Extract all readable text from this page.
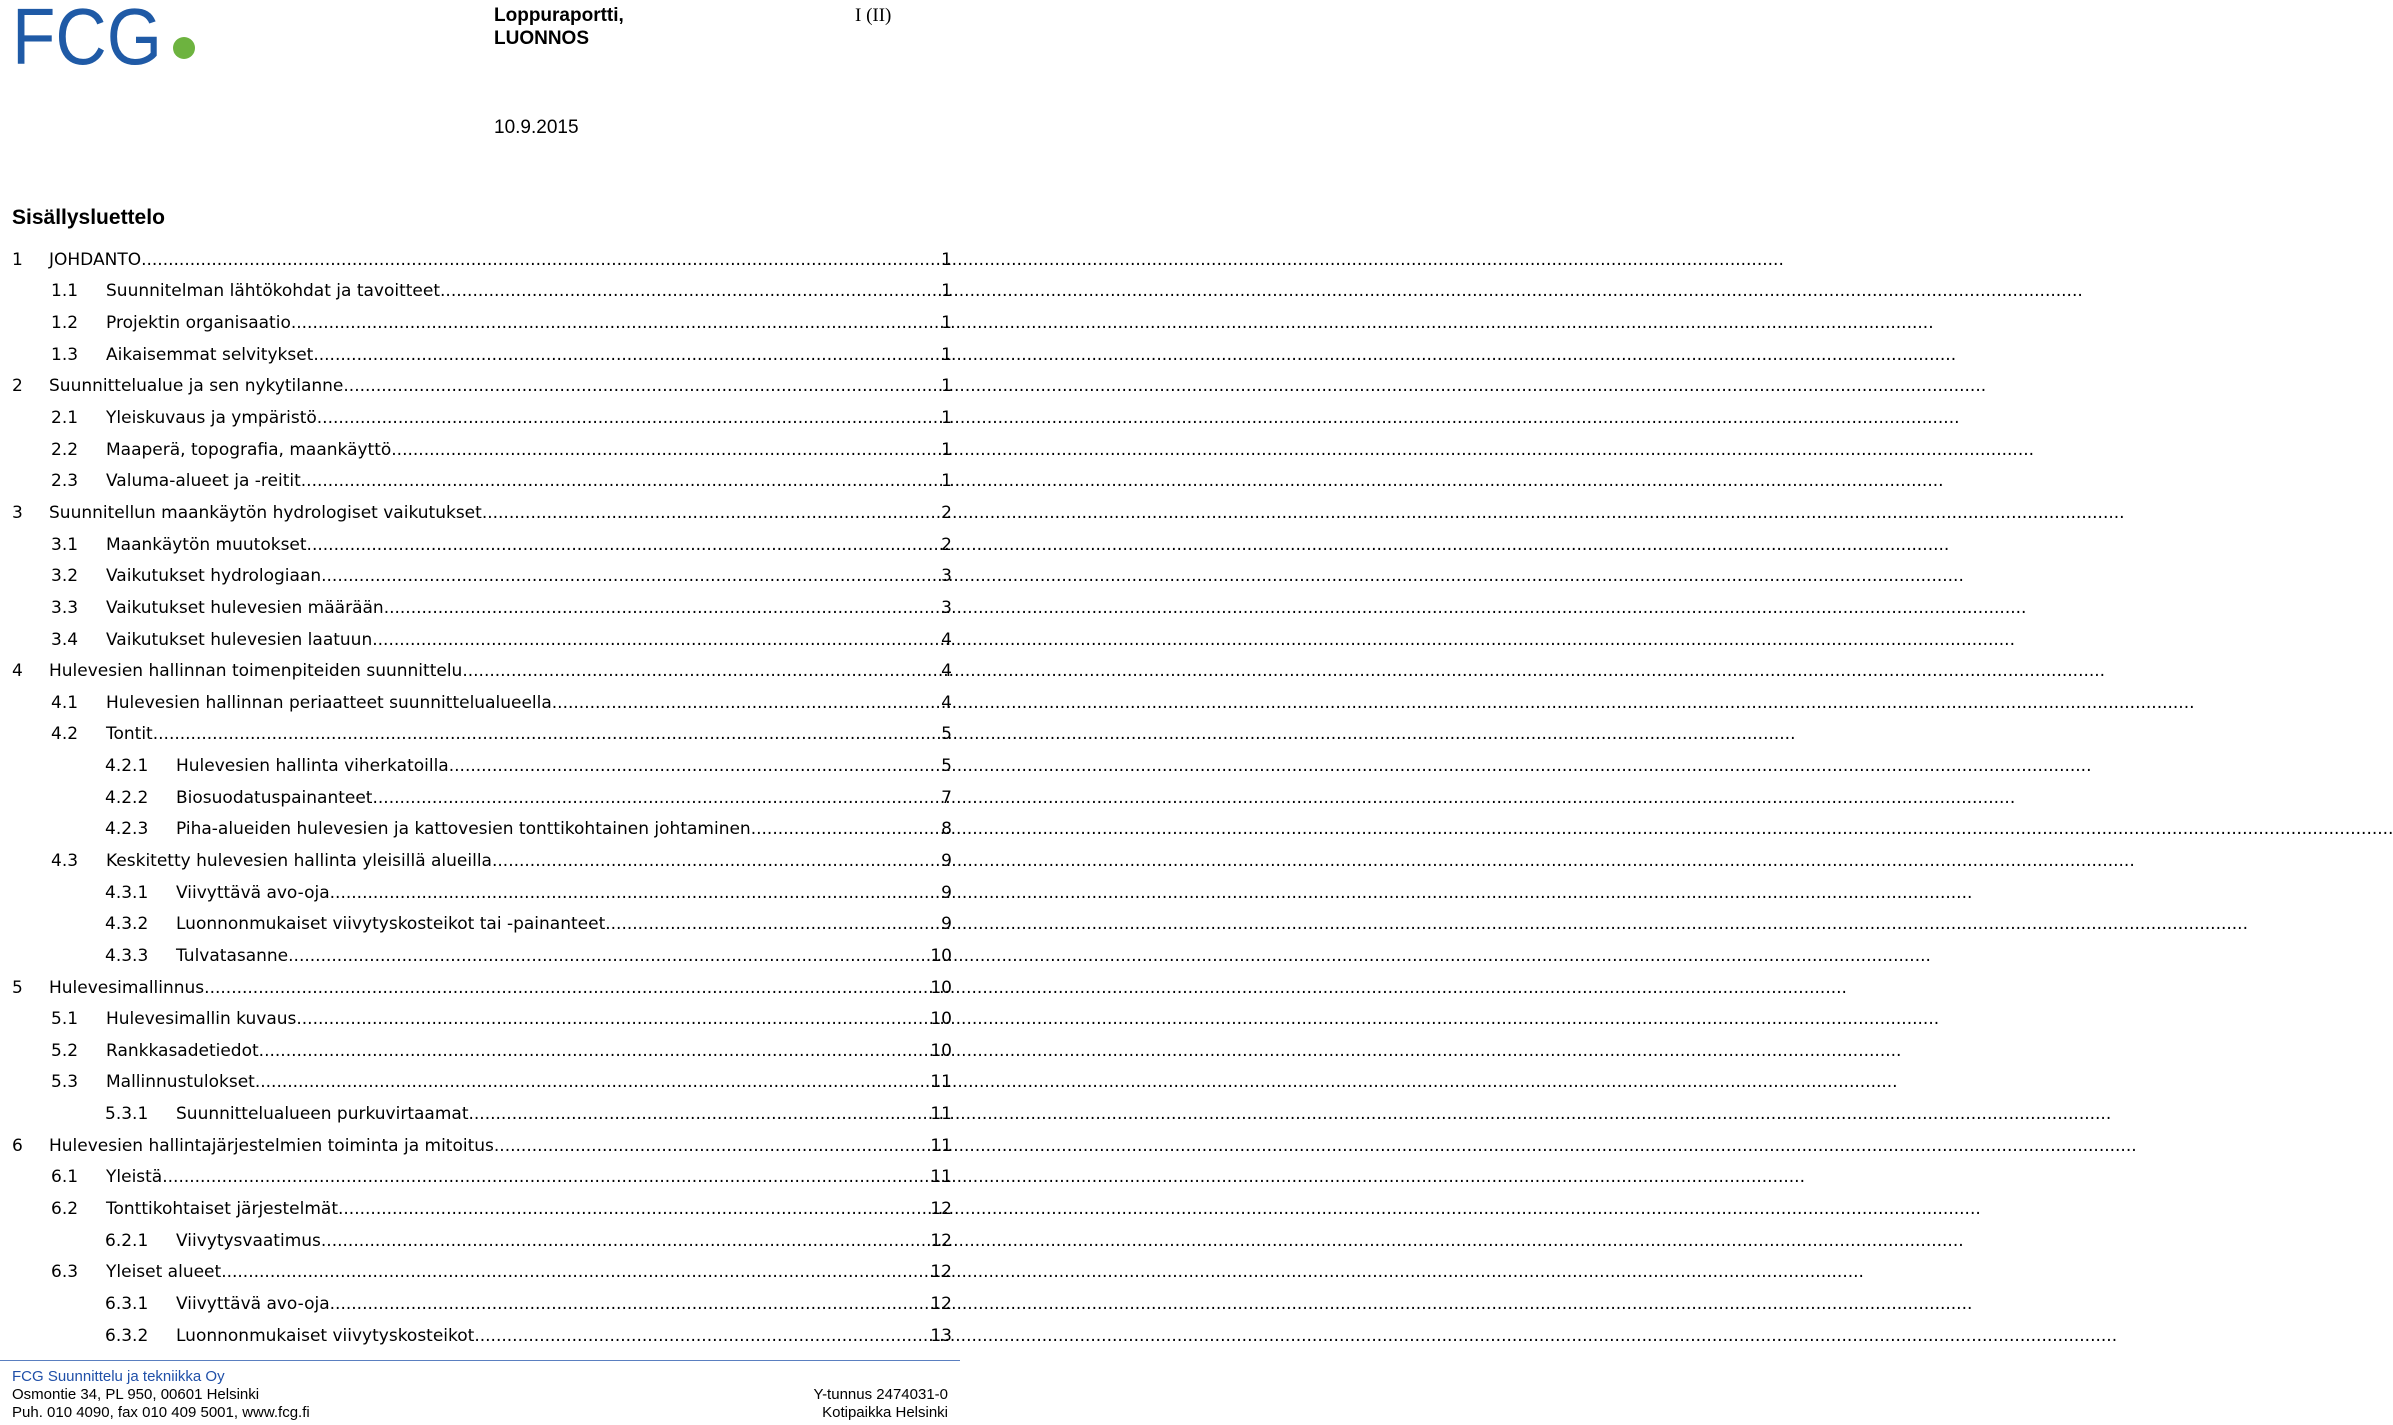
FCG	Loppuraportti,
LUONNOS
I (II)
10.9.2015
Sisällysluettelo
1	JOHDANTO .....	1
1.1	Suunnitelman lähtökohdat ja tavoitteet .....	1
1.2	Projektin organisaatio .....	1
1.3	Aikaisemmat selvitykset .....	1
2	Suunnittelualue ja sen nykytilanne .....	1
2.1	Yleiskuvaus ja ympäristö .....	1
2.2	Maaperä, topografia, maankäyttö .....	1
2.3	Valuma-alueet ja -reitit .....	1
3	Suunnitellun maankäytön hydrologiset vaikutukset .....	2
3.1	Maankäytön muutokset .....	2
3.2	Vaikutukset hydrologiaan .....	3
3.3	Vaikutukset hulevesien määrään .....	3
3.4	Vaikutukset hulevesien laatuun .....	4
4	Hulevesien hallinnan toimenpiteiden suunnittelu .....	4
4.1	Hulevesien hallinnan periaatteet suunnittelualueella .....	4
4.2	Tontit .....	5
4.2.1	Hulevesien hallinta viherkatoilla .....	5
4.2.2	Biosuodatuspainanteet .....	7
4.2.3	Piha-alueiden hulevesien ja kattovesien tonttikohtainen johtaminen .....	8
4.3	Keskitetty hulevesien hallinta yleisillä alueilla .....	9
4.3.1	Viivyttävä avo-oja .....	9
4.3.2	Luonnonmukaiset viivytyskosteikot tai -painanteet .....	9
4.3.3	Tulvatasanne .....	10
5	Hulevesimallinnus .....	10
5.1	Hulevesimallin kuvaus .....	10
5.2	Rankkasadetiedot .....	10
5.3	Mallinnustulokset .....	11
5.3.1	Suunnittelualueen purkuvirtaamat .....	11
6	Hulevesien hallintajärjestelmien toiminta ja mitoitus .....	11
6.1	Yleistä .....	11
6.2	Tonttikohtaiset järjestelmät .....	12
6.2.1	Viivytysvaatimus .....	12
6.3	Yleiset alueet .....	12
6.3.1	Viivyttävä avo-oja .....	12
6.3.2	Luonnonmukaiset viivytyskosteikot .....	13
FCG Suunnittelu ja tekniikka Oy
Osmontie 34, PL 950, 00601 Helsinki
Puh. 010 4090, fax 010 409 5001, www.fcg.fi
Y-tunnus 2474031-0
Kotipaikka Helsinki
